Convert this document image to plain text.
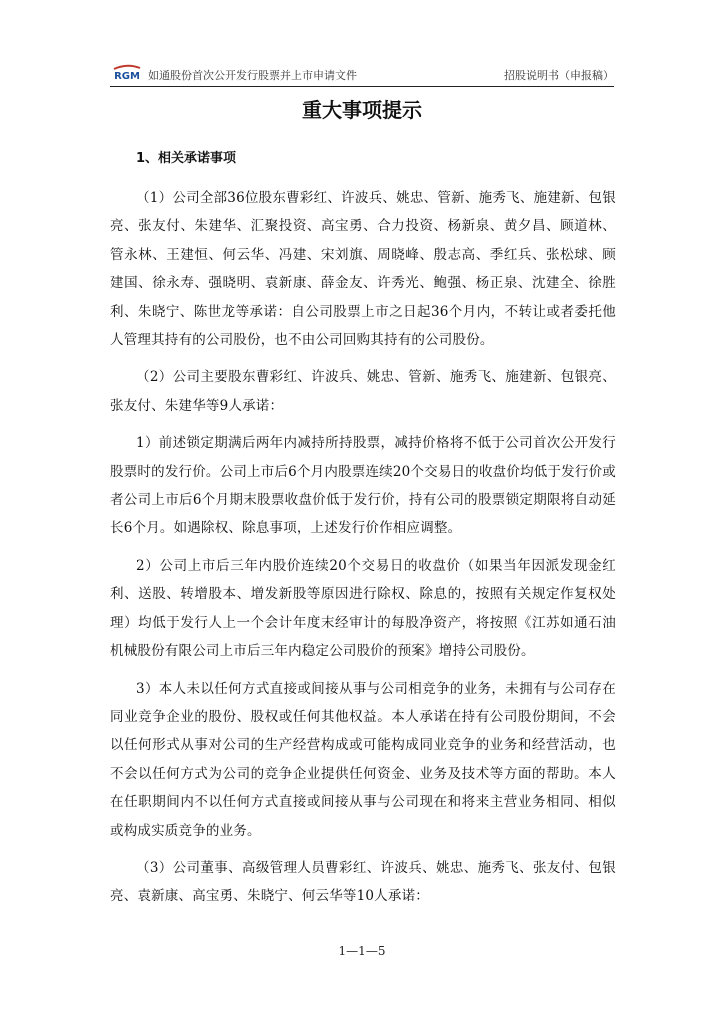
RGM 如通股份首次公开发行股票并上市申请文件	招股说明书（申报稿）
重大事项提示
1、相关承诺事项

（1）公司全部36位股东曹彩红、许波兵、姚忠、管新、施秀飞、施建新、包银亮、张友付、朱建华、汇聚投资、高宝勇、合力投资、杨新泉、黄夕昌、顾道林、管永林、王建恒、何云华、冯建、宋刘旗、周晓峰、殷志高、季红兵、张松球、顾建国、徐永寿、强晓明、袁新康、薛金友、许秀光、鲍强、杨正泉、沈建全、徐胜利、朱晓宁、陈世龙等承诺：自公司股票上市之日起36个月内，不转让或者委托他人管理其持有的公司股份，也不由公司回购其持有的公司股份。

（2）公司主要股东曹彩红、许波兵、姚忠、管新、施秀飞、施建新、包银亮、张友付、朱建华等9人承诺：

1）前述锁定期满后两年内减持所持股票，减持价格将不低于公司首次公开发行股票时的发行价。公司上市后6个月内股票连续20个交易日的收盘价均低于发行价或者公司上市后6个月期末股票收盘价低于发行价，持有公司的股票锁定期限将自动延长6个月。如遇除权、除息事项，上述发行价作相应调整。

2）公司上市后三年内股价连续20个交易日的收盘价（如果当年因派发现金红利、送股、转增股本、增发新股等原因进行除权、除息的，按照有关规定作复权处理）均低于发行人上一个会计年度末经审计的每股净资产，将按照《江苏如通石油机械股份有限公司上市后三年内稳定公司股价的预案》增持公司股份。

3）本人未以任何方式直接或间接从事与公司相竞争的业务，未拥有与公司存在同业竞争企业的股份、股权或任何其他权益。本人承诺在持有公司股份期间，不会以任何形式从事对公司的生产经营构成或可能构成同业竞争的业务和经营活动，也不会以任何方式为公司的竞争企业提供任何资金、业务及技术等方面的帮助。本人在任职期间内不以任何方式直接或间接从事与公司现在和将来主营业务相同、相似或构成实质竞争的业务。

（3）公司董事、高级管理人员曹彩红、许波兵、姚忠、施秀飞、张友付、包银亮、袁新康、高宝勇、朱晓宁、何云华等10人承诺：

1—1—5
